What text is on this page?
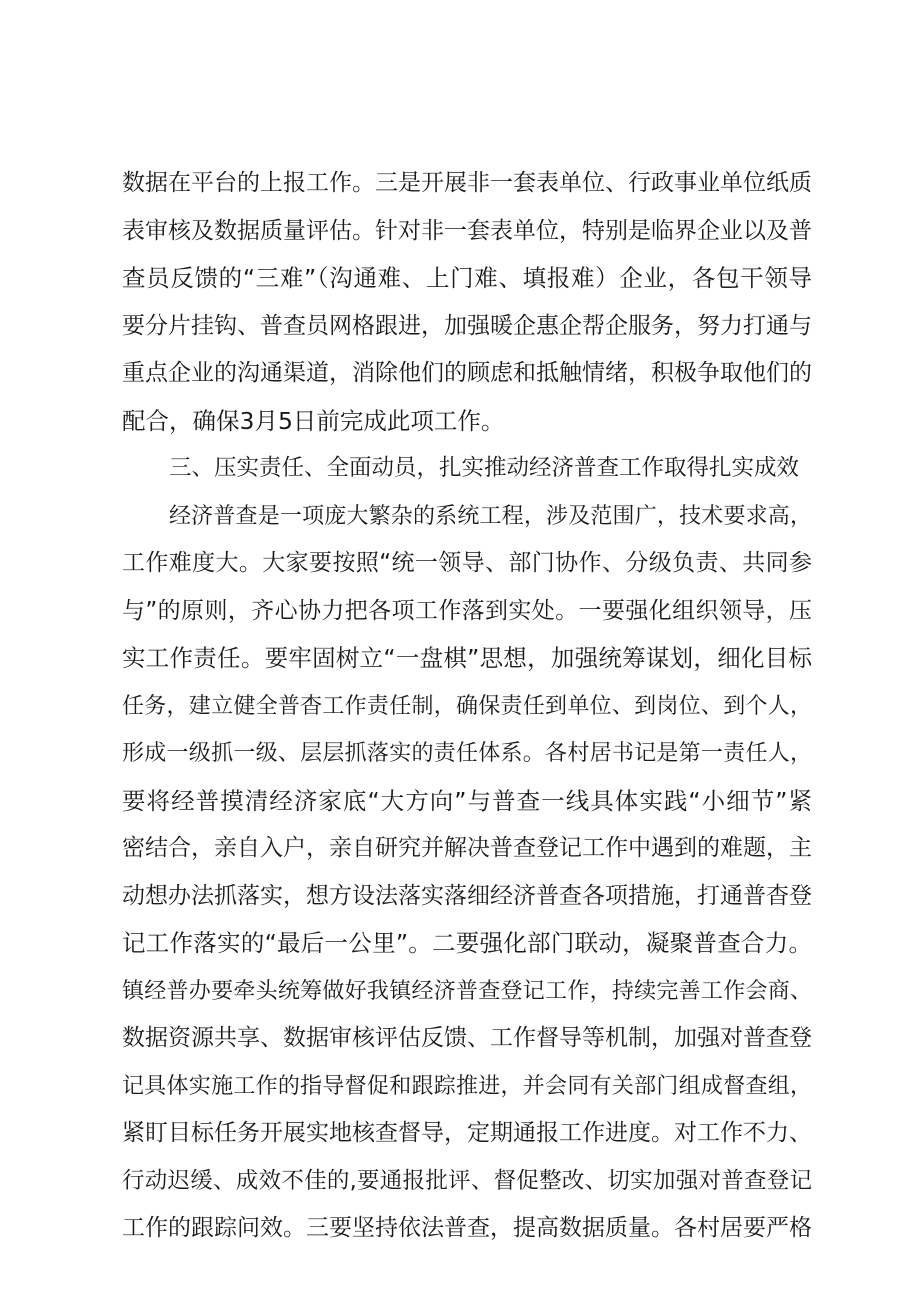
数据在平台的上报工作。三是开展非一套表单位、行政事业单位纸质
表审核及数据质量评估。针对非一套表单位，特别是临界企业以及普
查员反馈的“三难”（沟通难、上门难、填报难）企业，各包干领导
要分片挂钩、普查员网格跟进，加强暖企惠企帮企服务，努力打通与
重点企业的沟通渠道，消除他们的顾虑和抵触情绪，积极争取他们的
配合，确保3月5日前完成此项工作。
三、压实责任、全面动员，扎实推动经济普查工作取得扎实成效
经济普查是一项庞大繁杂的系统工程，涉及范围广，技术要求高，
工作难度大。大家要按照“统一领导、部门协作、分级负责、共同参
与”的原则，齐心协力把各项工作落到实处。一要强化组织领导，压
实工作责任。要牢固树立“一盘棋”思想，加强统筹谋划，细化目标
任务，建立健全普杳工作责任制，确保责任到单位、到岗位、到个人，
形成一级抓一级、层层抓落实的责任体系。各村居书记是第一责任人，
要将经普摸清经济家底“大方向”与普查一线具体实践“小细节”紧
密结合，亲自入户，亲自研究并解决普查登记工作中遇到的难题，主
动想办法抓落实，想方设法落实落细经济普查各项措施，打通普杳登
记工作落实的“最后一公里”。二要强化部门联动，凝聚普查合力。
镇经普办要牵头统筹做好我镇经济普查登记工作，持续完善工作会商、
数据资源共享、数据审核评估反馈、工作督导等机制，加强对普查登
记具体实施工作的指导督促和跟踪推进，并会同有关部门组成督查组，
紧盯目标任务开展实地核查督导，定期通报工作进度。对工作不力、
行动迟缓、成效不佳的,要通报批评、督促整改、切实加强对普查登记
工作的跟踪问效。三要坚持依法普查，提高数据质量。各村居要严格
